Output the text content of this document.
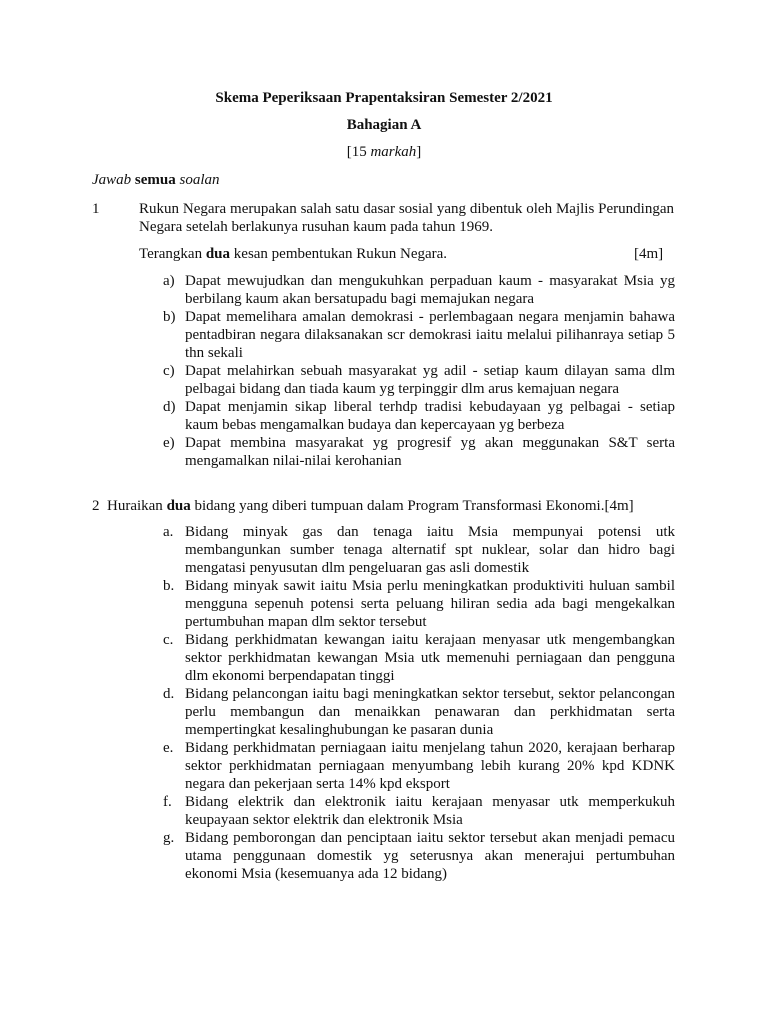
Skema Peperiksaan Prapentaksiran Semester 2/2021
Bahagian A
[15 markah]
Jawab semua soalan
1	Rukun Negara merupakan salah satu dasar sosial yang dibentuk oleh Majlis Perundingan Negara setelah berlakunya rusuhan kaum pada tahun 1969.
Terangkan dua kesan pembentukan Rukun Negara.	[4m]
a) Dapat mewujudkan dan mengukuhkan perpaduan kaum - masyarakat Msia yg berbilang kaum akan bersatupadu bagi memajukan negara
b) Dapat memelihara amalan demokrasi - perlembagaan negara menjamin bahawa pentadbiran negara dilaksanakan scr demokrasi iaitu melalui pilihanraya setiap 5 thn sekali
c) Dapat melahirkan sebuah masyarakat yg adil - setiap kaum dilayan sama dlm pelbagai bidang dan tiada kaum yg terpinggir dlm arus kemajuan negara
d) Dapat menjamin sikap liberal terhdp tradisi kebudayaan yg pelbagai - setiap kaum bebas mengamalkan budaya dan kepercayaan yg berbeza
e) Dapat membina masyarakat yg progresif yg akan meggunakan S&T serta mengamalkan nilai-nilai kerohanian
2 Huraikan dua bidang yang diberi tumpuan dalam Program Transformasi Ekonomi.[4m]
a. Bidang minyak gas dan tenaga iaitu Msia mempunyai potensi utk membangunkan sumber tenaga alternatif spt nuklear, solar dan hidro bagi mengatasi penyusutan dlm pengeluaran gas asli domestik
b. Bidang minyak sawit iaitu Msia perlu meningkatkan produktiviti huluan sambil mengguna sepenuh potensi serta peluang hiliran sedia ada bagi mengekalkan pertumbuhan mapan dlm sektor tersebut
c. Bidang perkhidmatan kewangan iaitu kerajaan menyasar utk mengembangkan sektor perkhidmatan kewangan Msia utk memenuhi perniagaan dan pengguna dlm ekonomi berpendapatan tinggi
d. Bidang pelancongan iaitu bagi meningkatkan sektor tersebut, sektor pelancongan perlu membangun dan menaikkan penawaran dan perkhidmatan serta mempertingkat kesalinghubungan ke pasaran dunia
e. Bidang perkhidmatan perniagaan iaitu menjelang tahun 2020, kerajaan berharap sektor perkhidmatan perniagaan menyumbang lebih kurang 20% kpd KDNK negara dan pekerjaan serta 14% kpd eksport
f. Bidang elektrik dan elektronik iaitu kerajaan menyasar utk memperkukuh keupayaan sektor elektrik dan elektronik Msia
g. Bidang pemborongan dan penciptaan iaitu sektor tersebut akan menjadi pemacu utama penggunaan domestik yg seterusnya akan menerajui pertumbuhan ekonomi Msia (kesemuanya ada 12 bidang)
